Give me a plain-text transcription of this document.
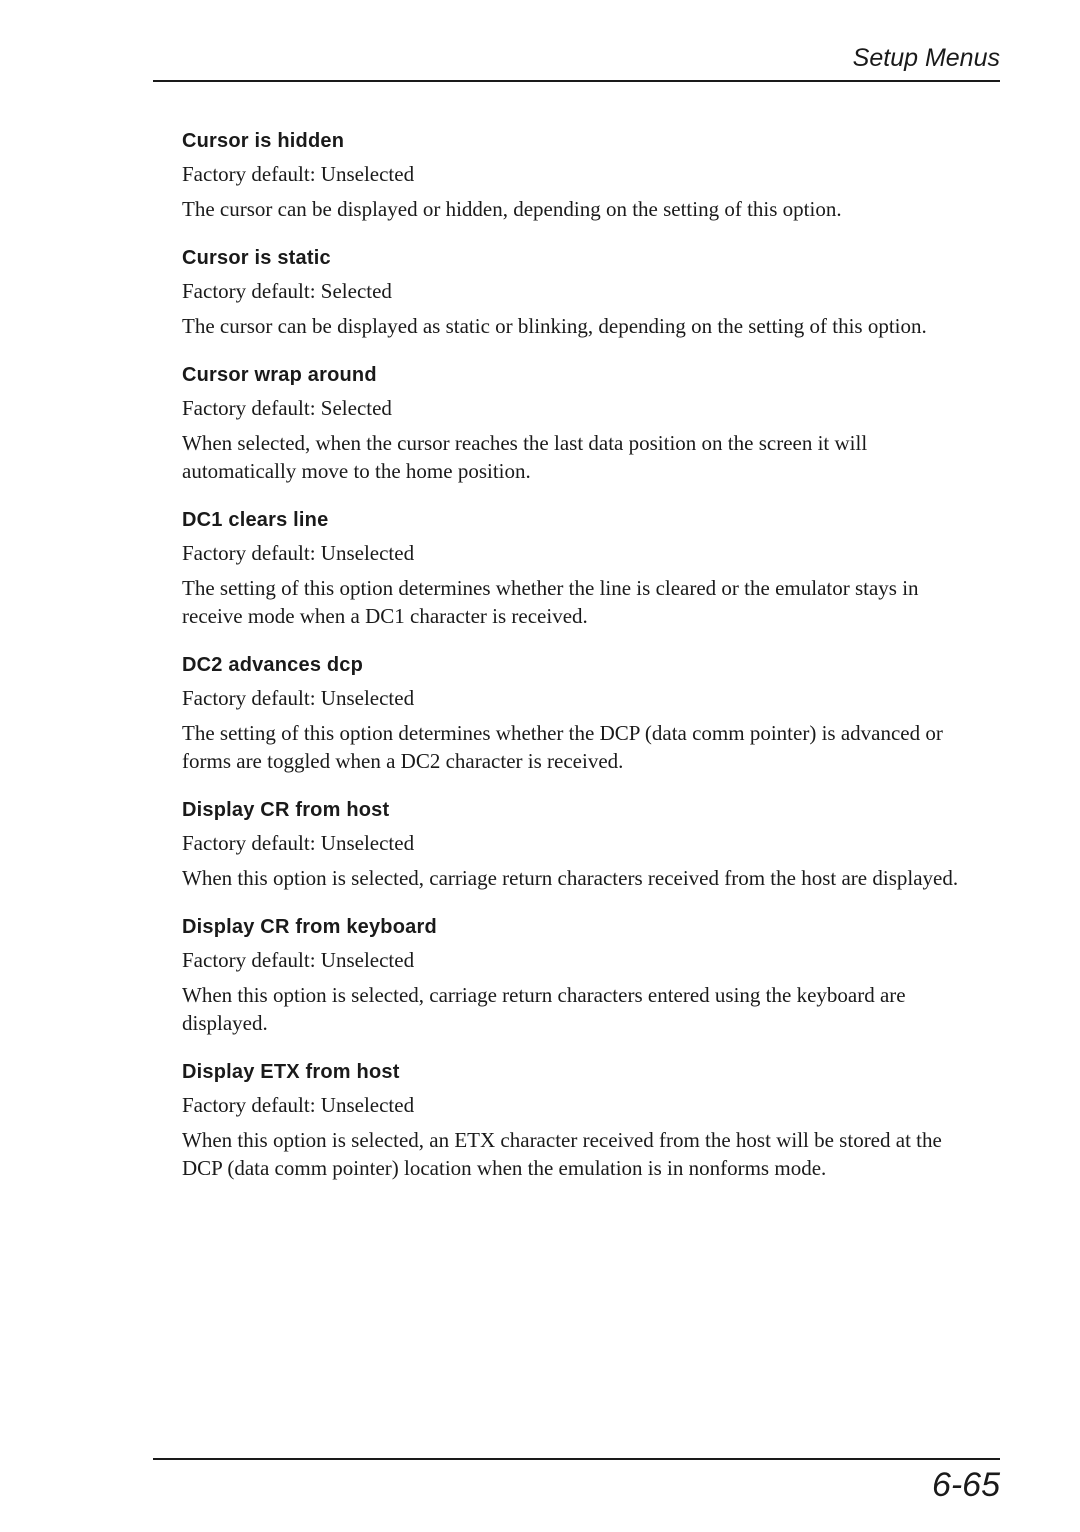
Setup Menus
Cursor is hidden
Factory default: Unselected
The cursor can be displayed or hidden, depending on the setting of this option.
Cursor is static
Factory default: Selected
The cursor can be displayed as static or blinking, depending on the setting of this option.
Cursor wrap around
Factory default: Selected
When selected, when the cursor reaches the last data position on the screen it will automatically move to the home position.
DC1 clears line
Factory default: Unselected
The setting of this option determines whether the line is cleared or the emulator stays in receive mode when a DC1 character is received.
DC2 advances dcp
Factory default: Unselected
The setting of this option determines whether the DCP (data comm pointer) is advanced or forms are toggled when a DC2 character is received.
Display CR from host
Factory default: Unselected
When this option is selected, carriage return characters received from the host are displayed.
Display CR from keyboard
Factory default: Unselected
When this option is selected, carriage return characters entered using the keyboard are displayed.
Display ETX from host
Factory default: Unselected
When this option is selected, an ETX character received from the host will be stored at the DCP (data comm pointer) location when the emulation is in nonforms mode.
6-65
